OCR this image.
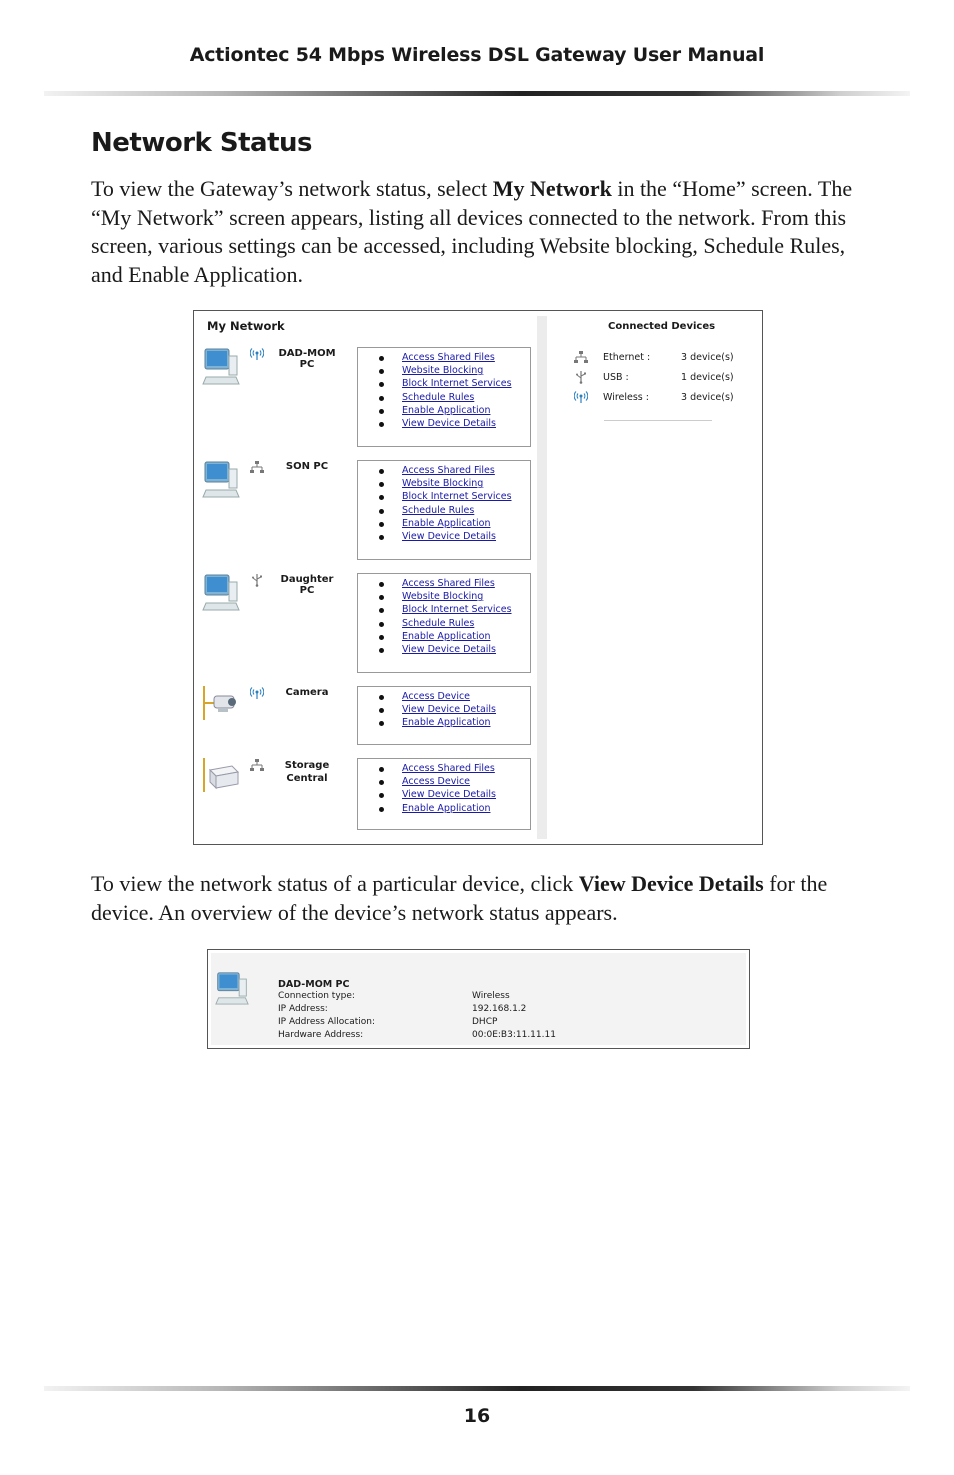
Actiontec 54 Mbps Wireless DSL Gateway User Manual
Network Status

To view the Gateway’s network status, select My Network in the “Home” screen. The “My Network” screen appears, listing all devices connected to the network. From this screen, various settings can be accessed, including Website blocking, Schedule Rules, and Enable Application.

My Network
DAD-MOM PC
Access Shared Files
Website Blocking
Block Internet Services
Schedule Rules
Enable Application
View Device Details
SON PC	Access Shared Files
Website Blocking
Block Internet Services
Schedule Rules
Enable Application
View Device Details
Daughter PC
Access Shared Files
Website Blocking
Block Internet Services
Schedule Rules
Enable Application
View Device Details
Camera	Access Device
View Device Details
Enable Application
Storage
Central
Access Shared Files
Access Device
View Device Details
Enable Application
Connected Devices
Ethernet :	3 device(s)
USB :	1 device(s)
Wireless :	3 device(s)

To view the network status of a particular device, click View Device Details for the device. An overview of the device’s network status appears.

DAD-MOM PC
Connection type:	Wireless
IP Address:	192.168.1.2
IP Address Allocation:	DHCP
Hardware Address:	00:0E:B3:11.11.11
16
